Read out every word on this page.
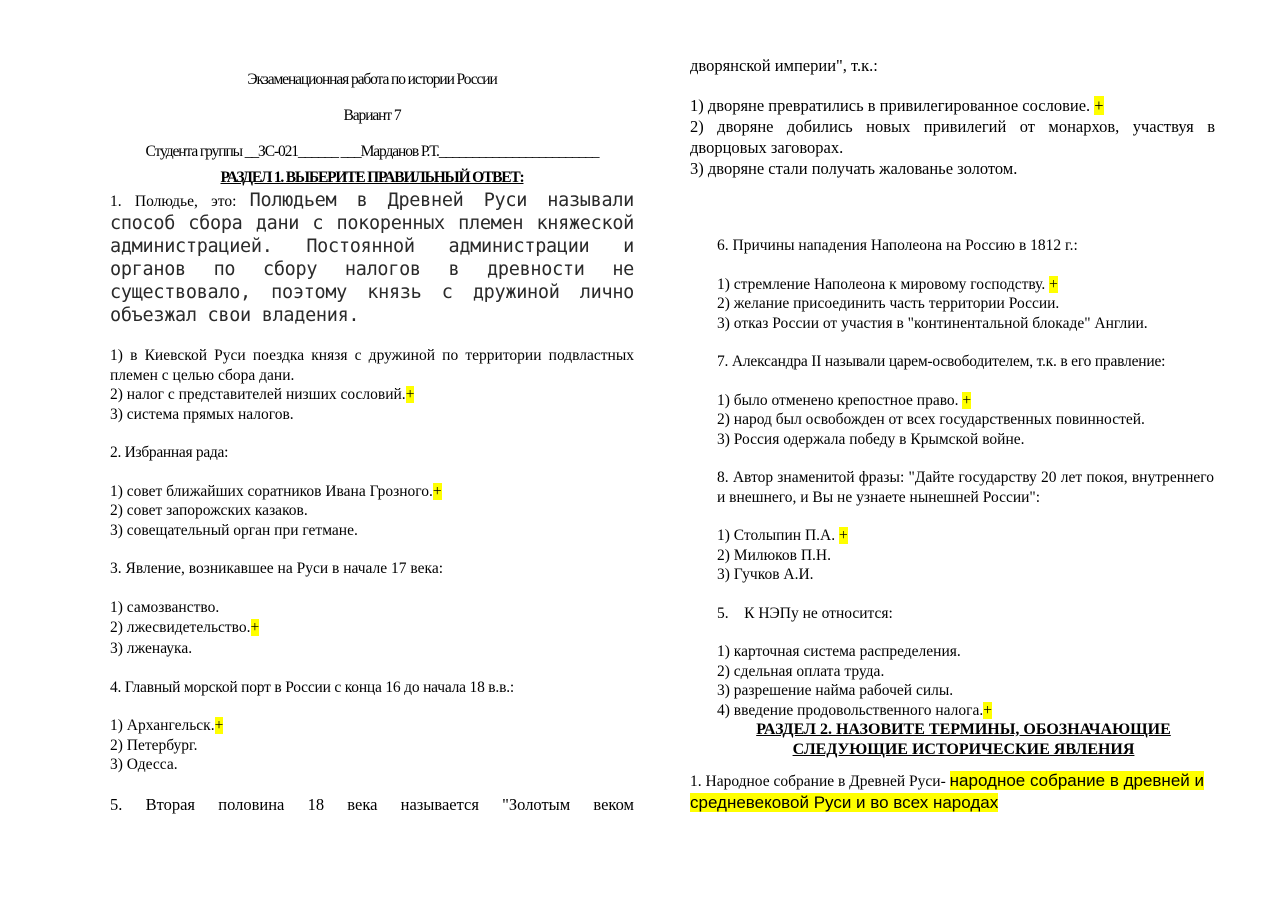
Экзаменационная работа по истории России
Вариант 7
Студента группы __ЗС-021______ ___Марданов Р.Т.________________________
РАЗДЕЛ 1. ВЫБЕРИТЕ ПРАВИЛЬНЫЙ ОТВЕТ:
1. Полюдье, это: Полюдьем в Древней Руси называли способ сбора дани с покоренных племен княжеской администрацией. Постоянной администрации и органов по сбору налогов в древности не существовало, поэтому князь с дружиной лично объезжал свои владения.
1) в Киевской Руси поездка князя с дружиной по территории подвластных племен с целью сбора дани.
2) налог с представителей низших сословий.+
3) система прямых налогов.
2. Избранная рада:
1) совет ближайших соратников Ивана Грозного.+
2) совет запорожских казаков.
3) совещательный орган при гетмане.
3. Явление, возникавшее на Руси в начале 17 века:
1) самозванство.
2) лжесвидетельство.+
3) лженаука.
4. Главный морской порт в России с конца 16 до начала 18 в.в.:
1) Архангельск.+
2) Петербург.
3) Одесса.
5. Вторая половина 18 века называется "Золотым веком
дворянской империи", т.к.:
1) дворяне превратились в привилегированное сословие. +
2) дворяне добились новых привилегий от монархов, участвуя в дворцовых заговорах.
3) дворяне стали получать жалованье золотом.
6. Причины нападения Наполеона на Россию в 1812 г.:
1) стремление Наполеона к мировому господству. +
2) желание присоединить часть территории России.
3) отказ России от участия в "континентальной блокаде" Англии.
7. Александра II называли царем-освободителем, т.к. в его правление:
1) было отменено крепостное право. +
2) народ был освобожден от всех государственных повинностей.
3) Россия одержала победу в Крымской войне.
8. Автор знаменитой фразы: "Дайте государству 20 лет покоя, внутреннего и внешнего, и Вы не узнаете нынешней России":
1) Столыпин П.А. +
2) Милюков П.Н.
3) Гучков А.И.
5.    К НЭПу не относится:
1) карточная система распределения.
2) сдельная оплата труда.
3) разрешение найма рабочей силы.
4) введение продовольственного налога.+
РАЗДЕЛ 2. НАЗОВИТЕ ТЕРМИНЫ, ОБОЗНАЧАЮЩИЕ СЛЕДУЮЩИЕ ИСТОРИЧЕСКИЕ ЯВЛЕНИЯ
1. Народное собрание в Древней Руси- народное собрание в древней и средневековой Руси и во всех народах
